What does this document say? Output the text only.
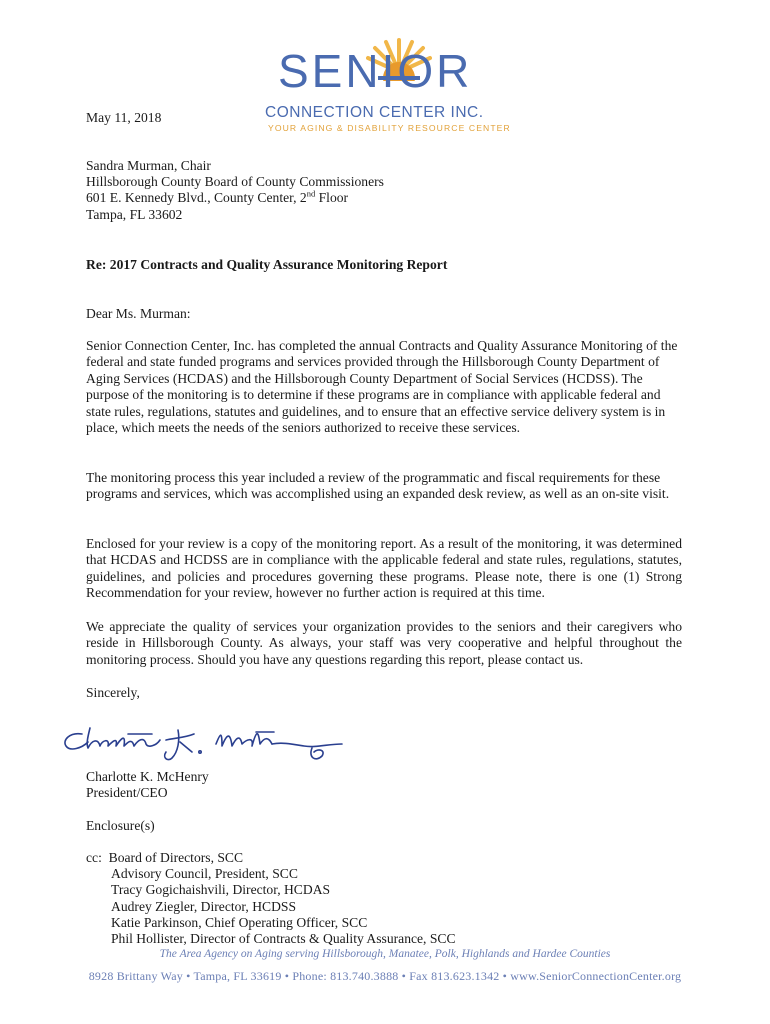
SENIOR
CONNECTION CENTER INC.
YOUR AGING & DISABILITY RESOURCE CENTER
May 11, 2018
Sandra Murman, Chair
Hillsborough County Board of County Commissioners
601 E. Kennedy Blvd., County Center, 2nd Floor
Tampa, FL 33602
Re: 2017 Contracts and Quality Assurance Monitoring Report
Dear Ms. Murman:
Senior Connection Center, Inc. has completed the annual Contracts and Quality Assurance Monitoring of the federal and state funded programs and services provided through the Hillsborough County Department of Aging Services (HCDAS) and the Hillsborough County Department of Social Services (HCDSS). The purpose of the monitoring is to determine if these programs are in compliance with applicable federal and state rules, regulations, statutes and guidelines, and to ensure that an effective service delivery system is in place, which meets the needs of the seniors authorized to receive these services.
The monitoring process this year included a review of the programmatic and fiscal requirements for these programs and services, which was accomplished using an expanded desk review, as well as an on-site visit.
Enclosed for your review is a copy of the monitoring report. As a result of the monitoring, it was determined that HCDAS and HCDSS are in compliance with the applicable federal and state rules, regulations, statutes, guidelines, and policies and procedures governing these programs. Please note, there is one (1) Strong Recommendation for your review, however no further action is required at this time.
We appreciate the quality of services your organization provides to the seniors and their caregivers who reside in Hillsborough County. As always, your staff was very cooperative and helpful throughout the monitoring process. Should you have any questions regarding this report, please contact us.
Sincerely,
Charlotte K. McHenry
President/CEO
Enclosure(s)
cc: Board of Directors, SCC
Advisory Council, President, SCC
Tracy Gogichaishvili, Director, HCDAS
Audrey Ziegler, Director, HCDSS
Katie Parkinson, Chief Operating Officer, SCC
Phil Hollister, Director of Contracts & Quality Assurance, SCC
The Area Agency on Aging serving Hillsborough, Manatee, Polk, Highlands and Hardee Counties
8928 Brittany Way • Tampa, FL 33619 • Phone: 813.740.3888 • Fax 813.623.1342 • www.SeniorConnectionCenter.org
